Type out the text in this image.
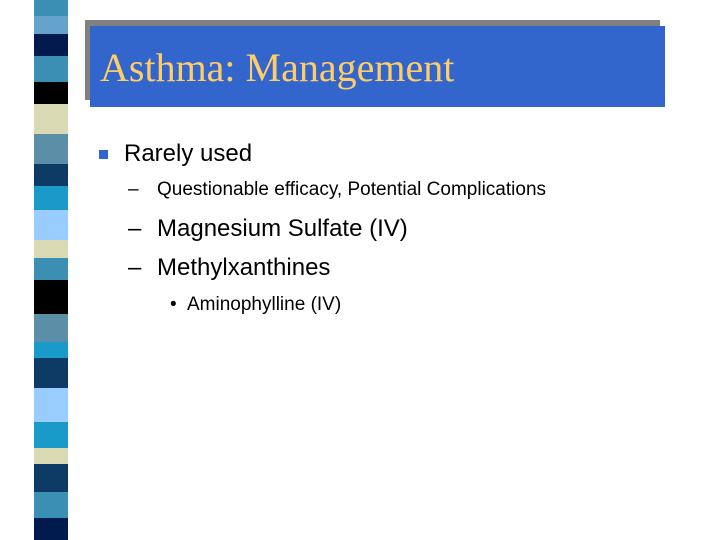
Asthma: Management
Rarely used
– Questionable efficacy, Potential Complications
– Magnesium Sulfate (IV)
– Methylxanthines
• Aminophylline (IV)
